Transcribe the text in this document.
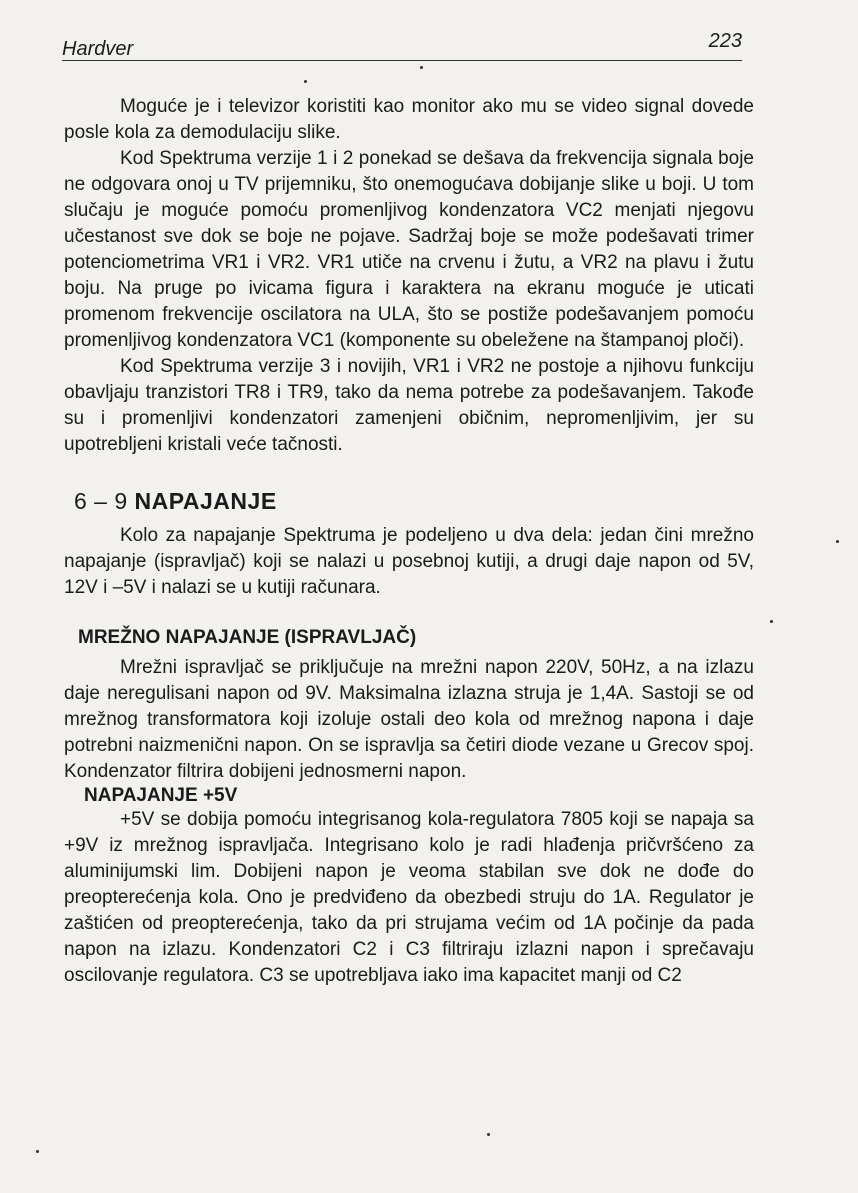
Hardver	223

Moguće je i televizor koristiti kao monitor ako mu se video signal dovede posle kola za demodulaciju slike.

Kod Spektruma verzije 1 i 2 ponekad se dešava da frekvencija signala boje ne odgovara onoj u TV prijemniku, što onemogućava dobijanje slike u boji. U tom slučaju je moguće pomoću promenljivog kondenzatora VC2 menjati njegovu učestanost sve dok se boje ne pojave. Sadržaj boje se može podešavati trimer potenciometrima VR1 i VR2. VR1 utiče na crvenu i žutu, a VR2 na plavu i žutu boju. Na pruge po ivicama figura i karaktera na ekranu moguće je uticati promenom frekvencije oscilatora na ULA, što se postiže podešavanjem pomoću promenljivog kondenzatora VC1 (komponente su obeležene na štampanoj ploči).

Kod Spektruma verzije 3 i novijih, VR1 i VR2 ne postoje a njihovu funkciju obavljaju tranzistori TR8 i TR9, tako da nema potrebe za podešavanjem. Takođe su i promenljivi kondenzatori zamenjeni običnim, nepromenljivim, jer su upotrebljeni kristali veće tačnosti.

6 – 9 NAPAJANJE

Kolo za napajanje Spektruma je podeljeno u dva dela: jedan čini mrežno napajanje (ispravljač) koji se nalazi u posebnoj kutiji, a drugi daje napon od 5V, 12V i –5V i nalazi se u kutiji računara.

MREŽNO NAPAJANJE (ISPRAVLJAČ)

Mrežni ispravljač se priključuje na mrežni napon 220V, 50Hz, a na izlazu daje neregulisani napon od 9V. Maksimalna izlazna struja je 1,4A. Sastoji se od mrežnog transformatora koji izoluje ostali deo kola od mrežnog napona i daje potrebni naizmenični napon. On se ispravlja sa četiri diode vezane u Grecov spoj. Kondenzator filtrira dobijeni jednosmerni napon.

NAPAJANJE +5V

+5V se dobija pomoću integrisanog kola-regulatora 7805 koji se napaja sa +9V iz mrežnog ispravljača. Integrisano kolo je radi hlađenja pričvršćeno za aluminijumski lim. Dobijeni napon je veoma stabilan sve dok ne dođe do preopterećenja kola. Ono je predviđeno da obezbedi struju do 1A. Regulator je zaštićen od preopterećenja, tako da pri strujama većim od 1A počinje da pada napon na izlazu. Kondenzatori C2 i C3 filtriraju izlazni napon i sprečavaju oscilovanje regulatora. C3 se upotrebljava iako ima kapacitet manji od C2
